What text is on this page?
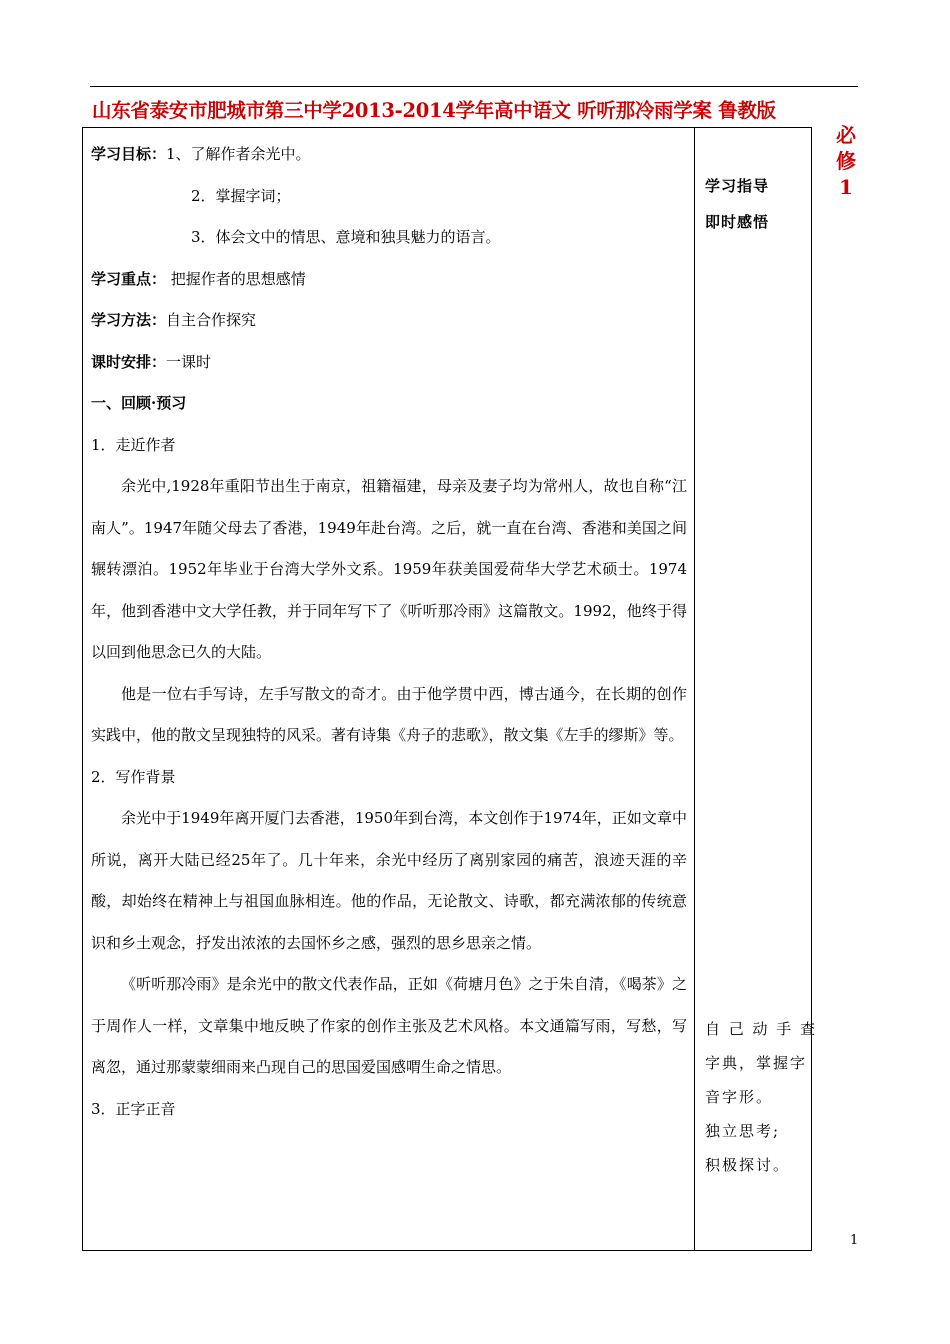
山东省泰安市肥城市第三中学2013-2014学年高中语文 听听那冷雨学案 鲁教版
必
修
1
学习目标：1、了解作者余光中。
2．掌握字词；
3．体会文中的情思、意境和独具魅力的语言。
学习重点： 把握作者的思想感情
学习方法：自主合作探究
课时安排：一课时
一、回顾·预习
1．走近作者
余光中,1928年重阳节出生于南京，祖籍福建，母亲及妻子均为常州人，故也自称“江南人”。1947年随父母去了香港，1949年赴台湾。之后，就一直在台湾、香港和美国之间辗转漂泊。1952年毕业于台湾大学外文系。1959年获美国爱荷华大学艺术硕士。1974年，他到香港中文大学任教，并于同年写下了《听听那冷雨》这篇散文。1992，他终于得以回到他思念已久的大陆。
他是一位右手写诗，左手写散文的奇才。由于他学贯中西，博古通今，在长期的创作实践中，他的散文呈现独特的风采。著有诗集《舟子的悲歌》，散文集《左手的缪斯》等。
2．写作背景
余光中于1949年离开厦门去香港，1950年到台湾，本文创作于1974年，正如文章中所说，离开大陆已经25年了。几十年来，余光中经历了离别家园的痛苦，浪迹天涯的辛酸，却始终在精神上与祖国血脉相连。他的作品，无论散文、诗歌，都充满浓郁的传统意识和乡土观念，抒发出浓浓的去国怀乡之感，强烈的思乡思亲之情。
《听听那冷雨》是余光中的散文代表作品，正如《荷塘月色》之于朱自清，《喝茶》之于周作人一样，文章集中地反映了作家的创作主张及艺术风格。本文通篇写雨，写愁，写离忽，通过那蒙蒙细雨来凸现自己的思国爱国感喟生命之情思。
3．正字正音
学习指导
即时感悟
自 己 动 手 查
字典，掌握字
音字形。
独立思考;
积极探讨。
1
